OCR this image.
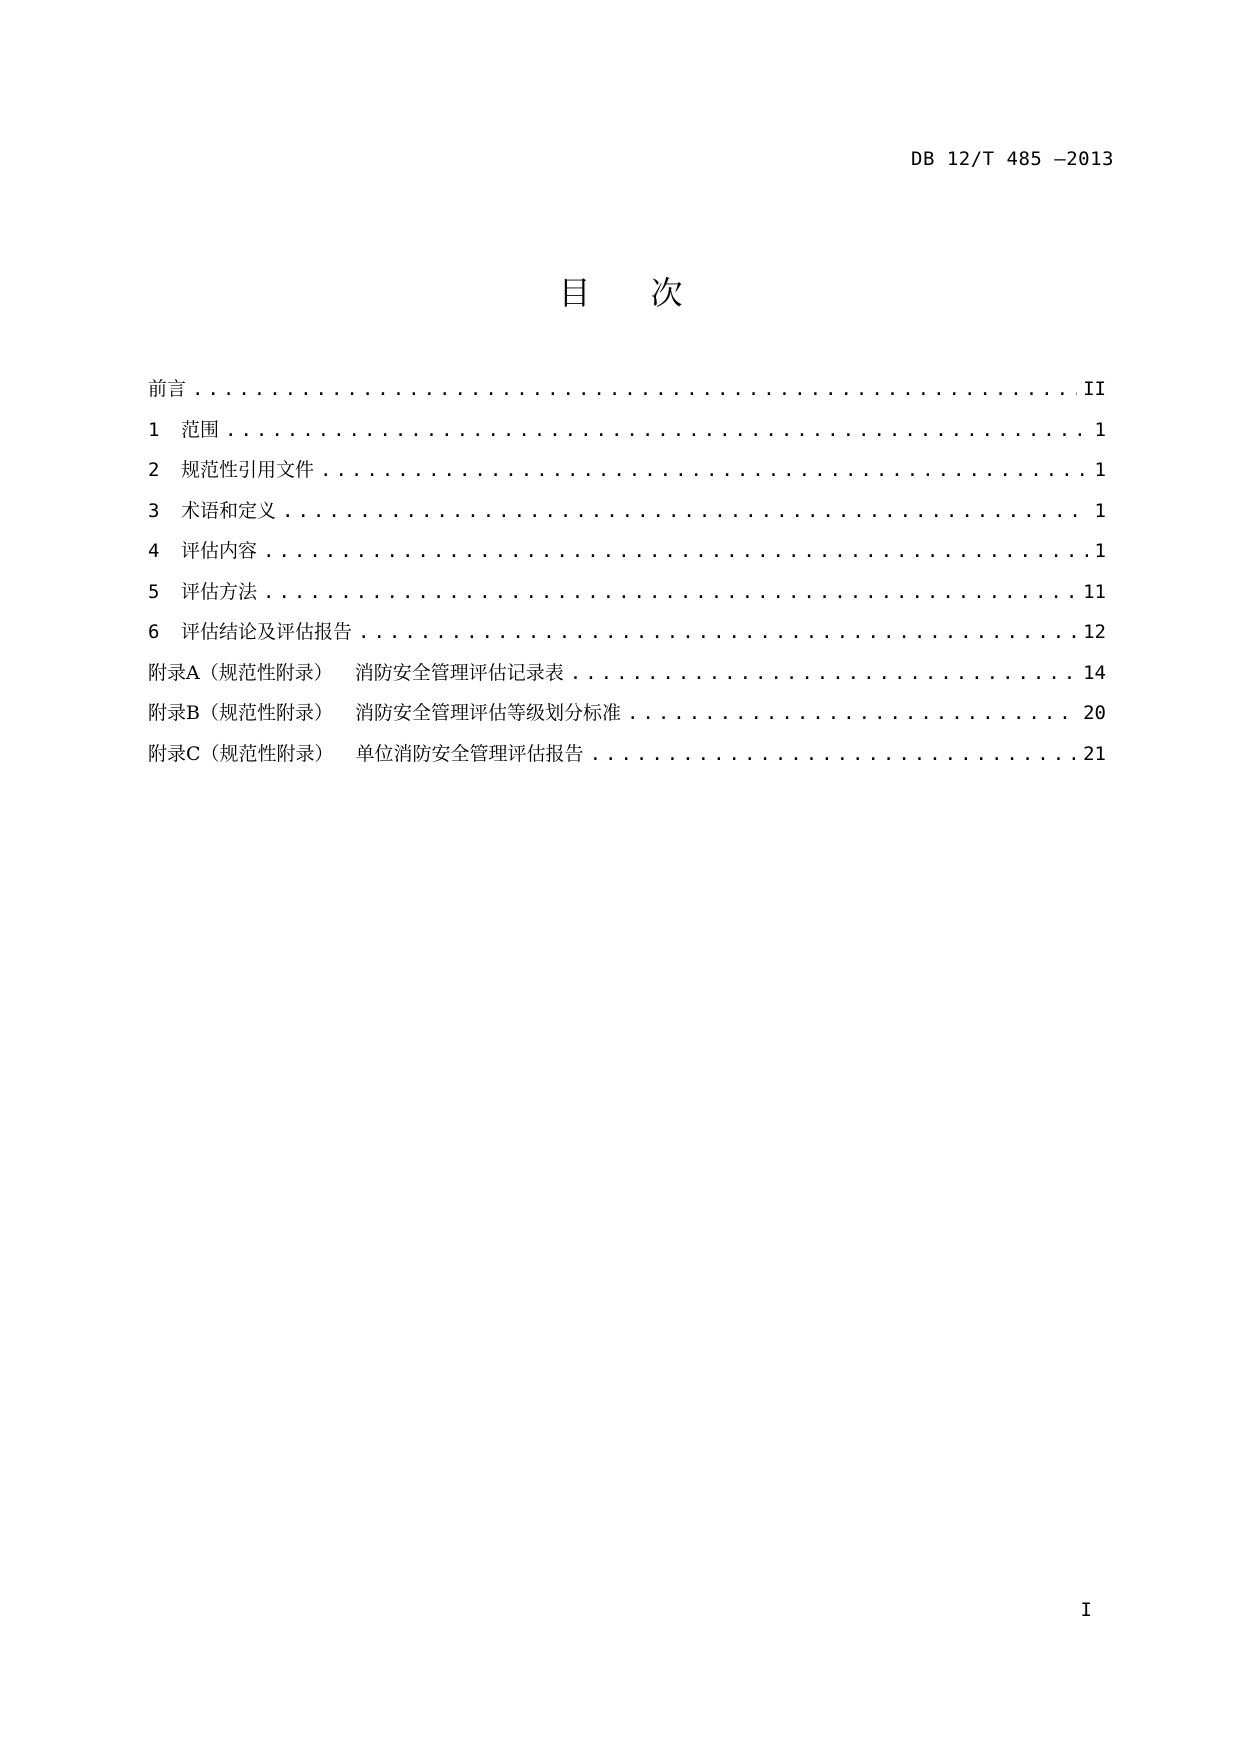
DB 12/T 485 —2013
目次
前言 .....	II
1	范围 .....	1
2	规范性引用文件 .....	1
3	术语和定义 .....	1
4	评估内容 .....	1
5	评估方法 .....	11
6	评估结论及评估报告 .....	12
附录A（规范性附录） 消防安全管理评估记录表 .....	14
附录B（规范性附录） 消防安全管理评估等级划分标准 .....	20
附录C（规范性附录） 单位消防安全管理评估报告 .....	21
I
